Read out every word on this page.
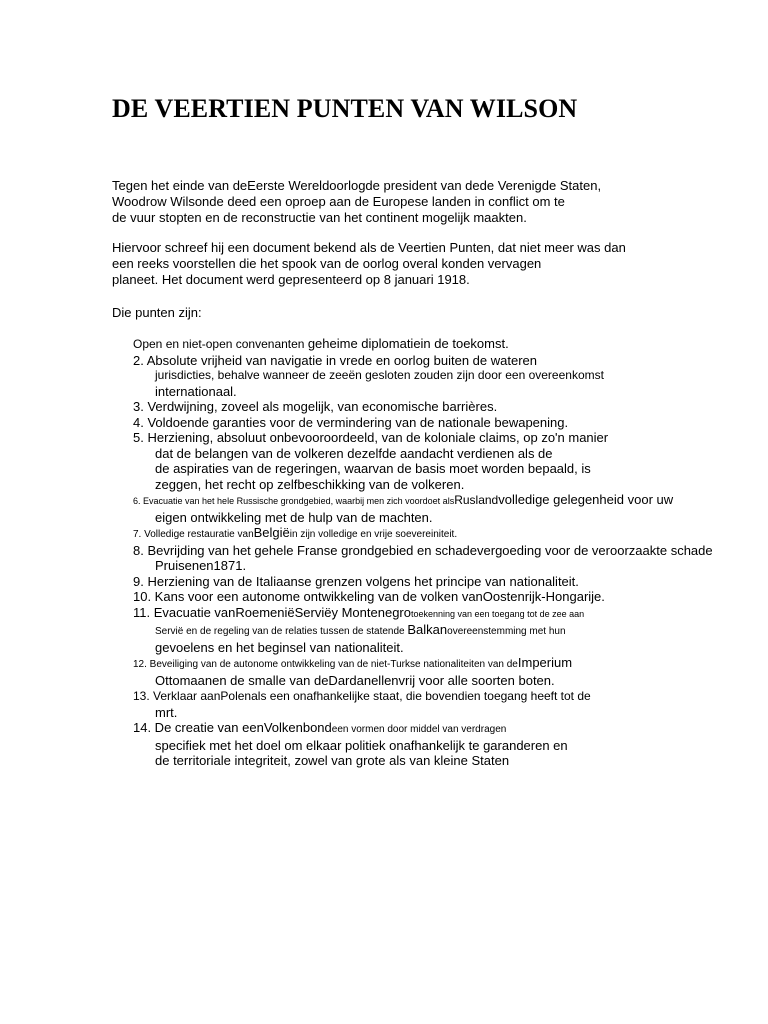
DE VEERTIEN PUNTEN VAN WILSON
Tegen het einde van deEerste Wereldoorlogde president van dede Verenigde Staten,
Woodrow Wilsonde deed een oproep aan de Europese landen in conflict om te
de vuur stopten en de reconstructie van het continent mogelijk maakten.
Hiervoor schreef hij een document bekend als de Veertien Punten, dat niet meer was dan
een reeks voorstellen die het spook van de oorlog overal konden vervagen
planeet. Het document werd gepresenteerd op 8 januari 1918.
Die punten zijn:
Open en niet-open convenanten geheime diplomatiein de toekomst.
2. Absolute vrijheid van navigatie in vrede en oorlog buiten de wateren
jurisdicties, behalve wanneer de zeeën gesloten zouden zijn door een overeenkomst
internationaal.
3. Verdwijning, zoveel als mogelijk, van economische barrières.
4. Voldoende garanties voor de vermindering van de nationale bewapening.
5. Herziening, absoluut onbevooroordeeld, van de koloniale claims, op zo'n manier
dat de belangen van de volkeren dezelfde aandacht verdienen als de
de aspiraties van de regeringen, waarvan de basis moet worden bepaald, is
zeggen, het recht op zelfbeschikking van de volkeren.
6. Evacuatie van het hele Russische grondgebied, waarbij men zich voordoet alsRuslandvolledige gelegenheid voor uw
eigen ontwikkeling met de hulp van de machten.
7. Volledige restauratie vanBelgiëin zijn volledige en vrije soevereiniteit.
8. Bevrijding van het gehele Franse grondgebied en schadevergoeding voor de veroorzaakte schade
Pruisenen1871.
9. Herziening van de Italiaanse grenzen volgens het principe van nationaliteit.
10. Kans voor een autonome ontwikkeling van de volken vanOostenrijk-Hongarije.
11. Evacuatie vanRoemeniëServiëy Montenegrotoekenning van een toegang tot de zee aan
Servië en de regeling van de relaties tussen de statende Balkanovereenstemming met hun
gevoelens en het beginsel van nationaliteit.
12. Beveiliging van de autonome ontwikkeling van de niet-Turkse nationaliteiten van deImperium
Ottomaanen de smalle van deDardanellenvrij voor alle soorten boten.
13. Verklaar aanPolenals een onafhankelijke staat, die bovendien toegang heeft tot de
mrt.
14. De creatie van eenVolkenbondeen vormen door middel van verdragen
specifiek met het doel om elkaar politiek onafhankelijk te garanderen en
de territoriale integriteit, zowel van grote als van kleine Staten
